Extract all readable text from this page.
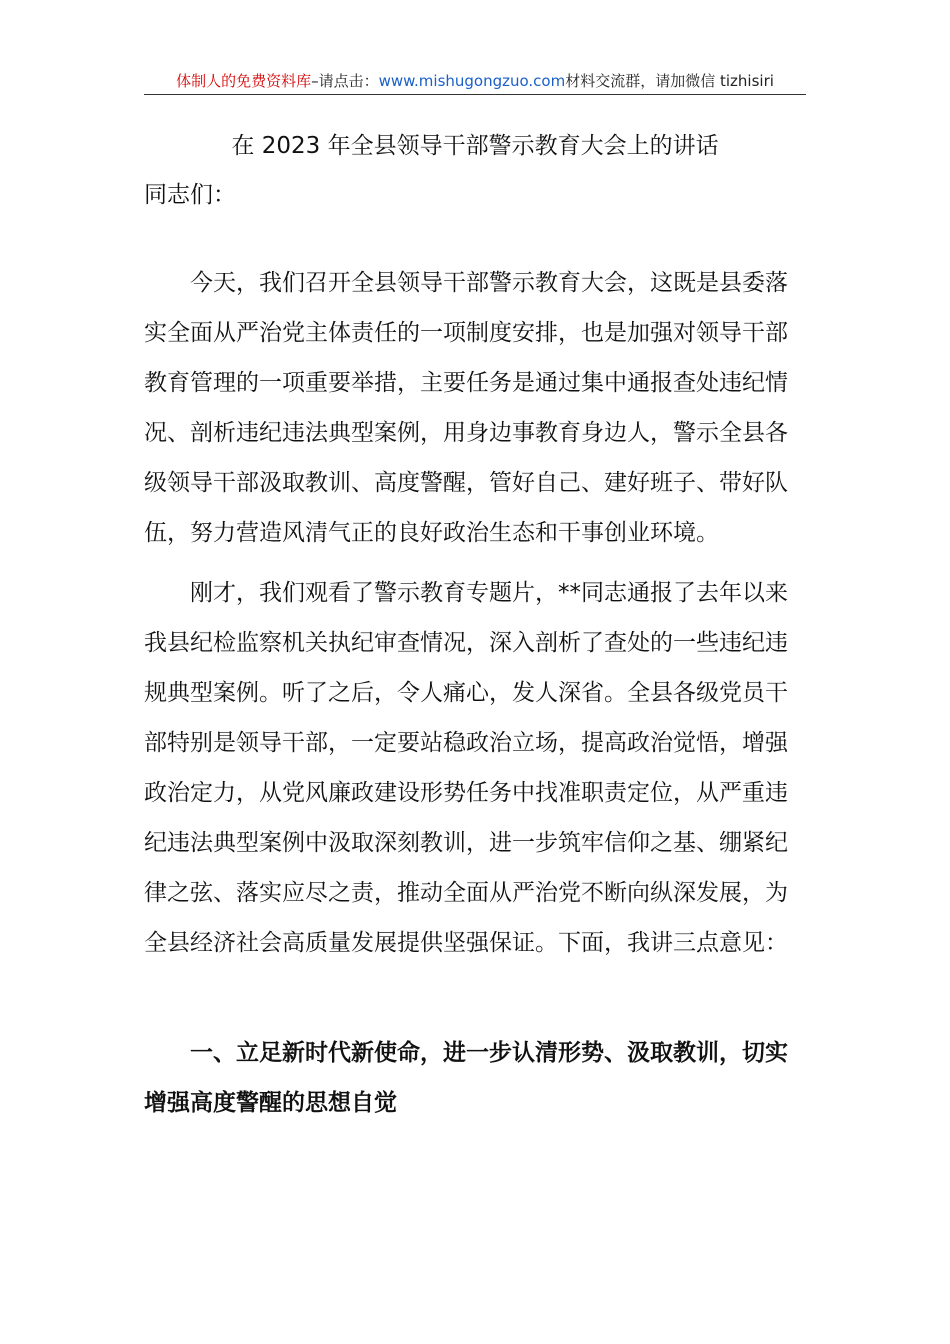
体制人的免费资料库–请点击：www.mishugongzuo.com材料交流群，请加微信 tizhisiri
在 2023 年全县领导干部警示教育大会上的讲话
同志们：

今天，我们召开全县领导干部警示教育大会，这既是县委落实全面从严治党主体责任的一项制度安排，也是加强对领导干部教育管理的一项重要举措，主要任务是通过集中通报查处违纪情况、剖析违纪违法典型案例，用身边事教育身边人，警示全县各级领导干部汲取教训、高度警醒，管好自己、建好班子、带好队伍，努力营造风清气正的良好政治生态和干事创业环境。

刚才，我们观看了警示教育专题片，**同志通报了去年以来我县纪检监察机关执纪审查情况，深入剖析了查处的一些违纪违规典型案例。听了之后，令人痛心，发人深省。全县各级党员干部特别是领导干部，一定要站稳政治立场，提高政治觉悟，增强政治定力，从党风廉政建设形势任务中找准职责定位，从严重违纪违法典型案例中汲取深刻教训，进一步筑牢信仰之基、绷紧纪律之弦、落实应尽之责，推动全面从严治党不断向纵深发展，为全县经济社会高质量发展提供坚强保证。下面，我讲三点意见：

一、立足新时代新使命，进一步认清形势、汲取教训，切实增强高度警醒的思想自觉
